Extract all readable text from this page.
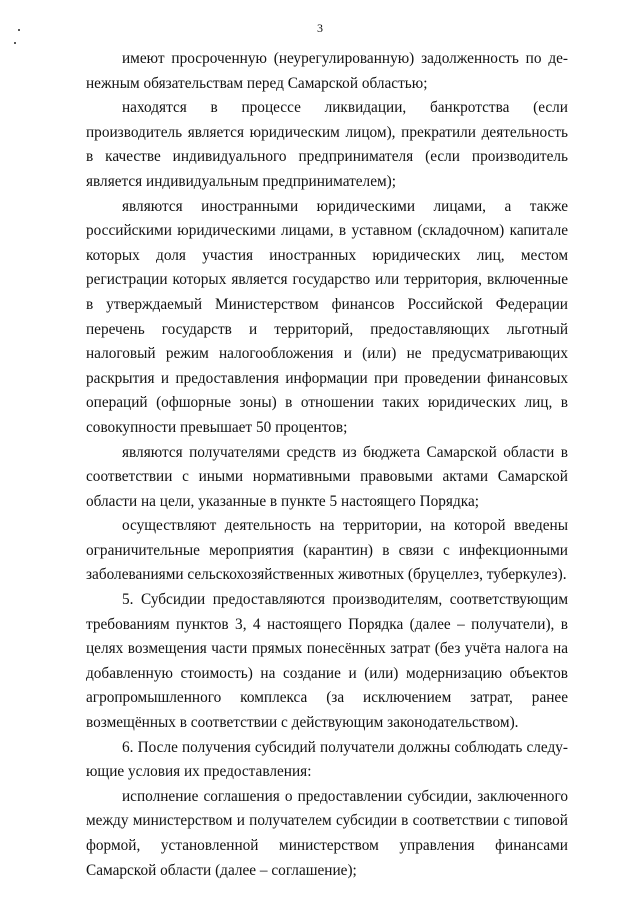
3

имеют просроченную (неурегулированную) задолженность по денежным обязательствам перед Самарской областью;

находятся в процессе ликвидации, банкротства (если производитель является юридическим лицом), прекратили деятельность в качестве индивидуального предпринимателя (если производитель является индивидуальным предпринимателем);

являются иностранными юридическими лицами, а также российскими юридическими лицами, в уставном (складочном) капитале которых доля участия иностранных юридических лиц, местом регистрации которых является государство или территория, включенные в утверждаемый Министерством финансов Российской Федерации перечень государств и территорий, предоставляющих льготный налоговый режим налогообложения и (или) не предусматривающих раскрытия и предоставления информации при проведении финансовых операций (офшорные зоны) в отношении таких юридических лиц, в совокупности превышает 50 процентов;

являются получателями средств из бюджета Самарской области в соответствии с иными нормативными правовыми актами Самарской области на цели, указанные в пункте 5 настоящего Порядка;

осуществляют деятельность на территории, на которой введены ограничительные мероприятия (карантин) в связи с инфекционными заболеваниями сельскохозяйственных животных (бруцеллез, туберкулез).

5. Субсидии предоставляются производителям, соответствующим требованиям пунктов 3, 4 настоящего Порядка (далее – получатели), в целях возмещения части прямых понесённых затрат (без учёта налога на добавленную стоимость) на создание и (или) модернизацию объектов агропромышленного комплекса (за исключением затрат, ранее возмещённых в соответствии с действующим законодательством).

6. После получения субсидий получатели должны соблюдать следующие условия их предоставления:

исполнение соглашения о предоставлении субсидии, заключенного между министерством и получателем субсидии в соответствии с типовой формой, установленной министерством управления финансами Самарской области (далее – соглашение);
